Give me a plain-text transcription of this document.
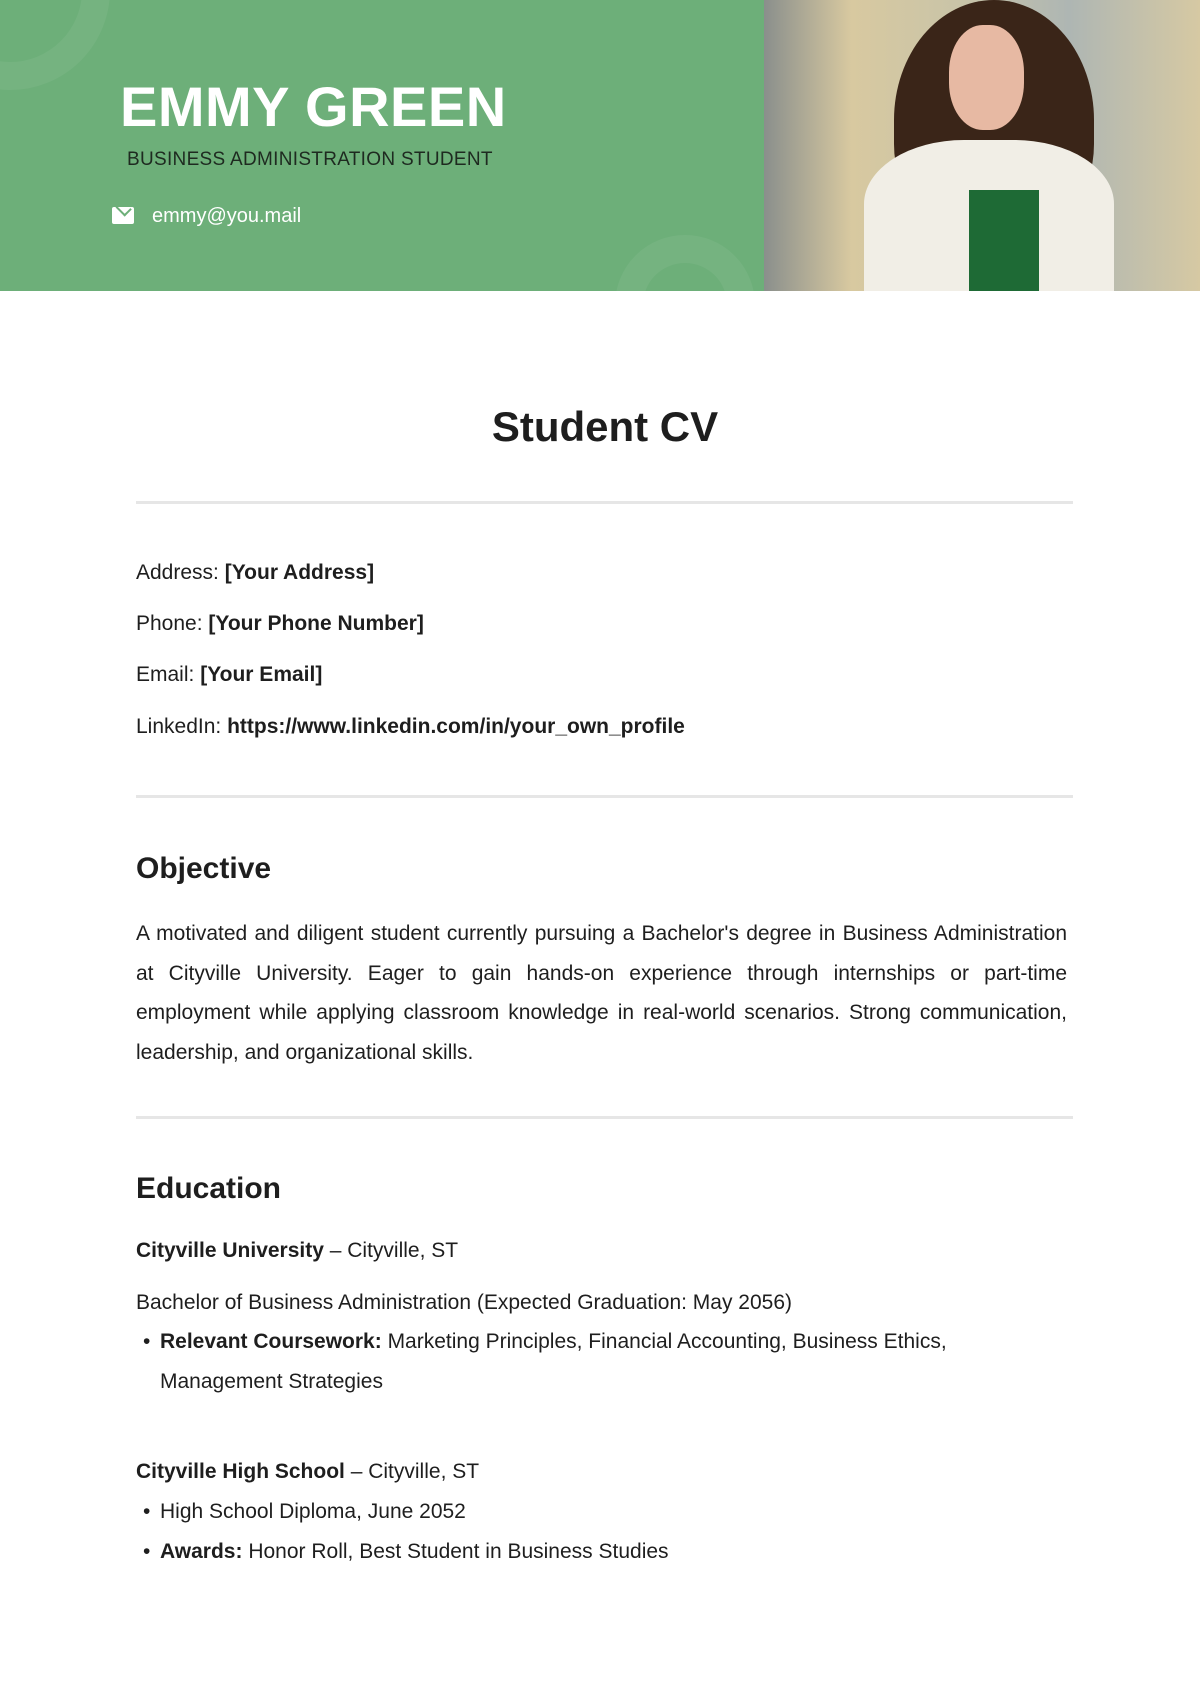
EMMY GREEN
BUSINESS ADMINISTRATION STUDENT
emmy@you.mail
Student CV
Address: [Your Address]
Phone: [Your Phone Number]
Email: [Your Email]
LinkedIn: https://www.linkedin.com/in/your_own_profile
Objective
A motivated and diligent student currently pursuing a Bachelor's degree in Business Administration at Cityville University. Eager to gain hands-on experience through internships or part-time employment while applying classroom knowledge in real-world scenarios. Strong communication, leadership, and organizational skills.
Education
Cityville University – Cityville, ST
Bachelor of Business Administration (Expected Graduation: May 2056)
• Relevant Coursework: Marketing Principles, Financial Accounting, Business Ethics, Management Strategies
Cityville High School – Cityville, ST
• High School Diploma, June 2052
• Awards: Honor Roll, Best Student in Business Studies
